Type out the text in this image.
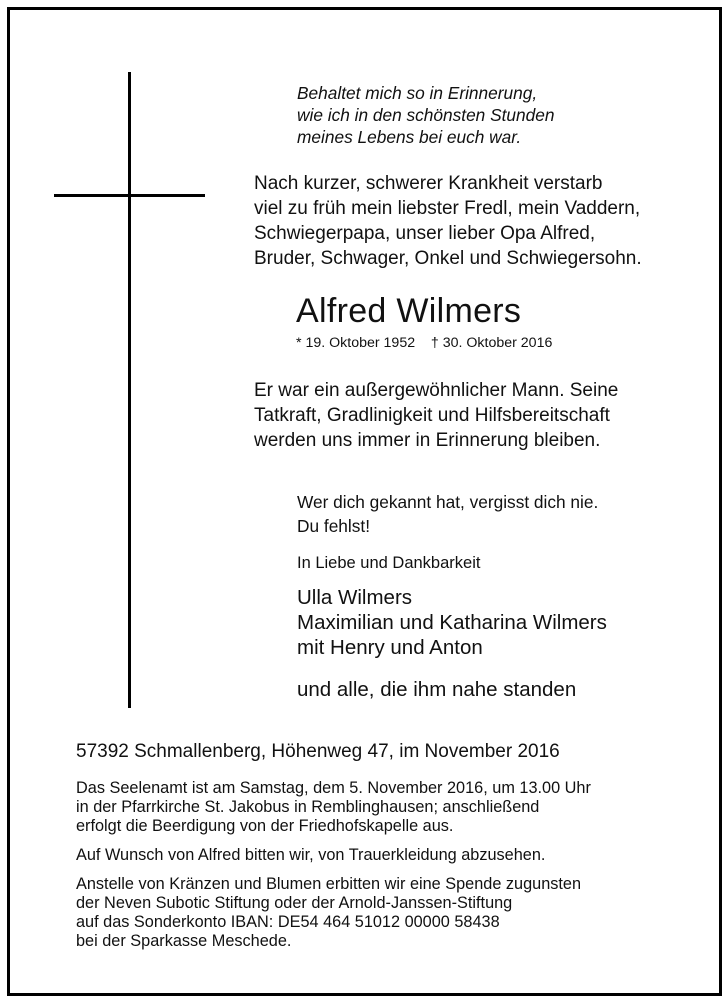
Behaltet mich so in Erinnerung,
wie ich in den schönsten Stunden
meines Lebens bei euch war.
Nach kurzer, schwerer Krankheit verstarb
viel zu früh mein liebster Fredl, mein Vaddern,
Schwiegerpapa, unser lieber Opa Alfred,
Bruder, Schwager, Onkel und Schwiegersohn.
Alfred Wilmers
* 19. Oktober 1952 † 30. Oktober 2016
Er war ein außergewöhnlicher Mann. Seine
Tatkraft, Gradlinigkeit und Hilfsbereitschaft
werden uns immer in Erinnerung bleiben.
Wer dich gekannt hat, vergisst dich nie.
Du fehlst!
In Liebe und Dankbarkeit
Ulla Wilmers
Maximilian und Katharina Wilmers
mit Henry und Anton
und alle, die ihm nahe standen
57392 Schmallenberg, Höhenweg 47, im November 2016
Das Seelenamt ist am Samstag, dem 5. November 2016, um 13.00 Uhr
in der Pfarrkirche St. Jakobus in Remblinghausen; anschließend
erfolgt die Beerdigung von der Friedhofskapelle aus.
Auf Wunsch von Alfred bitten wir, von Trauerkleidung abzusehen.
Anstelle von Kränzen und Blumen erbitten wir eine Spende zugunsten
der Neven Subotic Stiftung oder der Arnold-Janssen-Stiftung
auf das Sonderkonto IBAN: DE54 464 51012 00000 58438
bei der Sparkasse Meschede.
